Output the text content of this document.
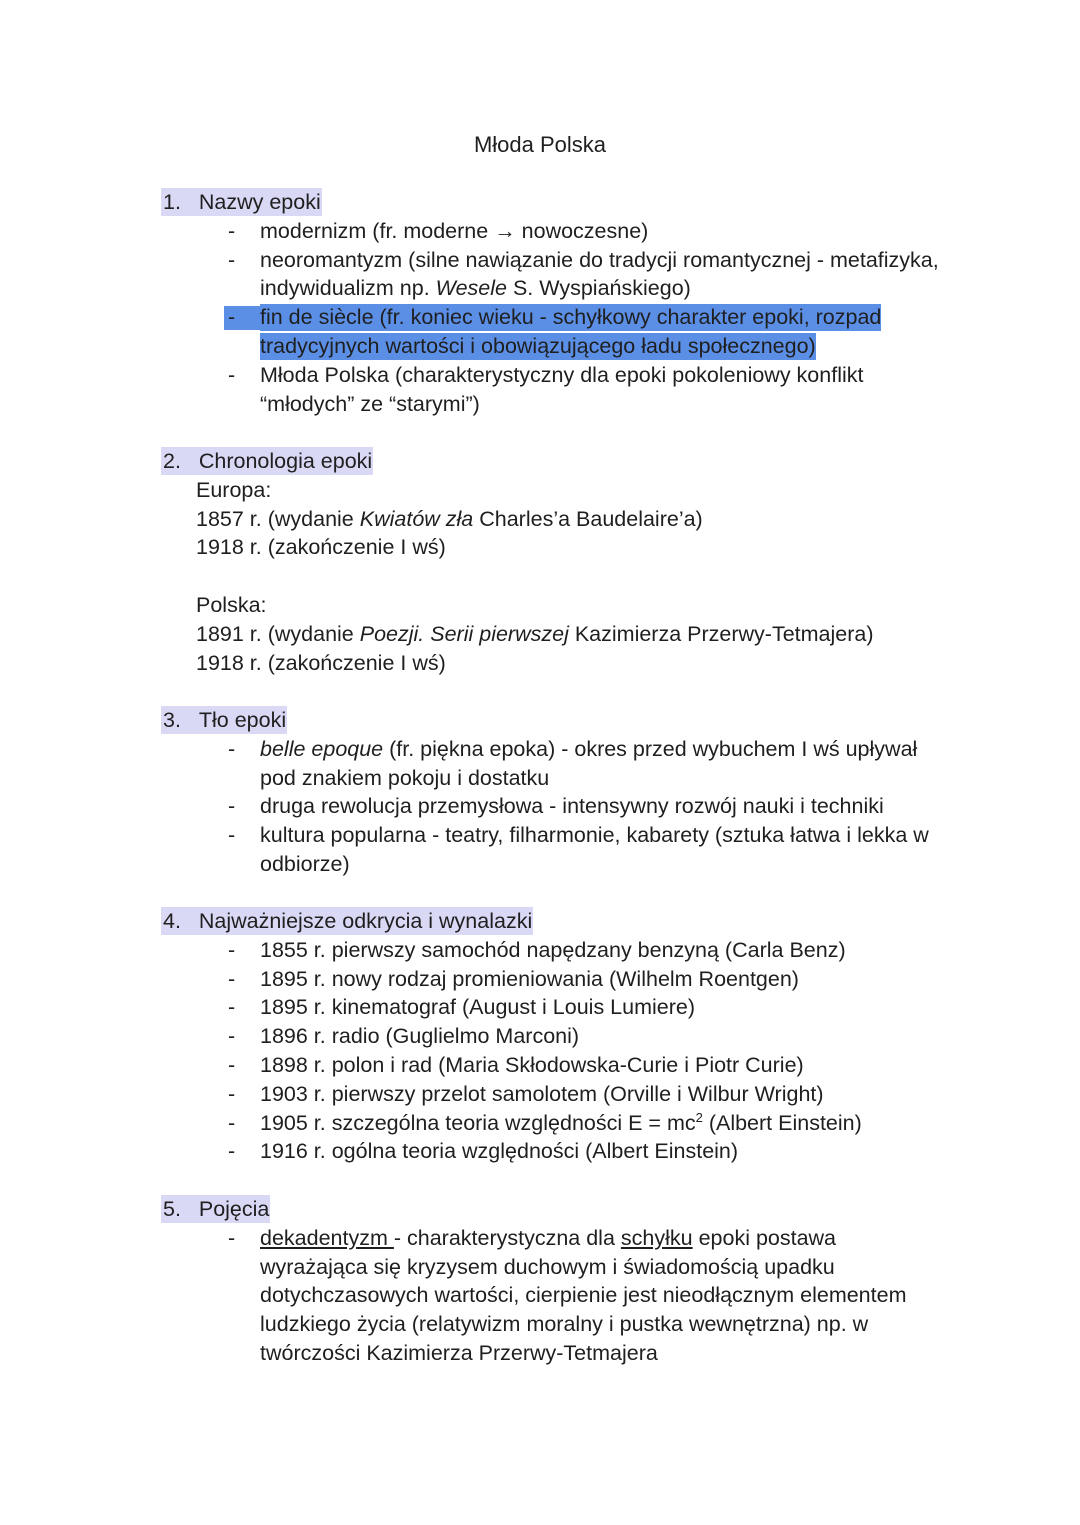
Młoda Polska
1. Nazwy epoki
- modernizm (fr. moderne → nowoczesne)
- neoromantyzm (silne nawiązanie do tradycji romantycznej - metafizyka,
indywidualizm np. Wesele S. Wyspiańskiego)
- fin de siècle (fr. koniec wieku - schyłkowy charakter epoki, rozpad
tradycyjnych wartości i obowiązującego ładu społecznego)
- Młoda Polska (charakterystyczny dla epoki pokoleniowy konflikt
“młodych” ze “starymi”)
2. Chronologia epoki
Europa:
1857 r. (wydanie Kwiatów zła Charles’a Baudelaire’a)
1918 r. (zakończenie I wś)
Polska:
1891 r. (wydanie Poezji. Serii pierwszej Kazimierza Przerwy-Tetmajera)
1918 r. (zakończenie I wś)
3. Tło epoki
- belle epoque (fr. piękna epoka) - okres przed wybuchem I wś upływał
pod znakiem pokoju i dostatku
- druga rewolucja przemysłowa - intensywny rozwój nauki i techniki
- kultura popularna - teatry, filharmonie, kabarety (sztuka łatwa i lekka w
odbiorze)
4. Najważniejsze odkrycia i wynalazki
- 1855 r. pierwszy samochód napędzany benzyną (Carla Benz)
- 1895 r. nowy rodzaj promieniowania (Wilhelm Roentgen)
- 1895 r. kinematograf (August i Louis Lumiere)
- 1896 r. radio (Guglielmo Marconi)
- 1898 r. polon i rad (Maria Skłodowska-Curie i Piotr Curie)
- 1903 r. pierwszy przelot samolotem (Orville i Wilbur Wright)
- 1905 r. szczególna teoria względności $E = mc^2$ (Albert Einstein)
- 1916 r. ogólna teoria względności (Albert Einstein)
5. Pojęcia
- dekadentyzm - charakterystyczna dla schyłku epoki postawa
wyrażająca się kryzysem duchowym i świadomością upadku
dotychczasowych wartości, cierpienie jest nieodłącznym elementem
ludzkiego życia (relatywizm moralny i pustka wewnętrzna) np. w
twórczości Kazimierza Przerwy-Tetmajera
